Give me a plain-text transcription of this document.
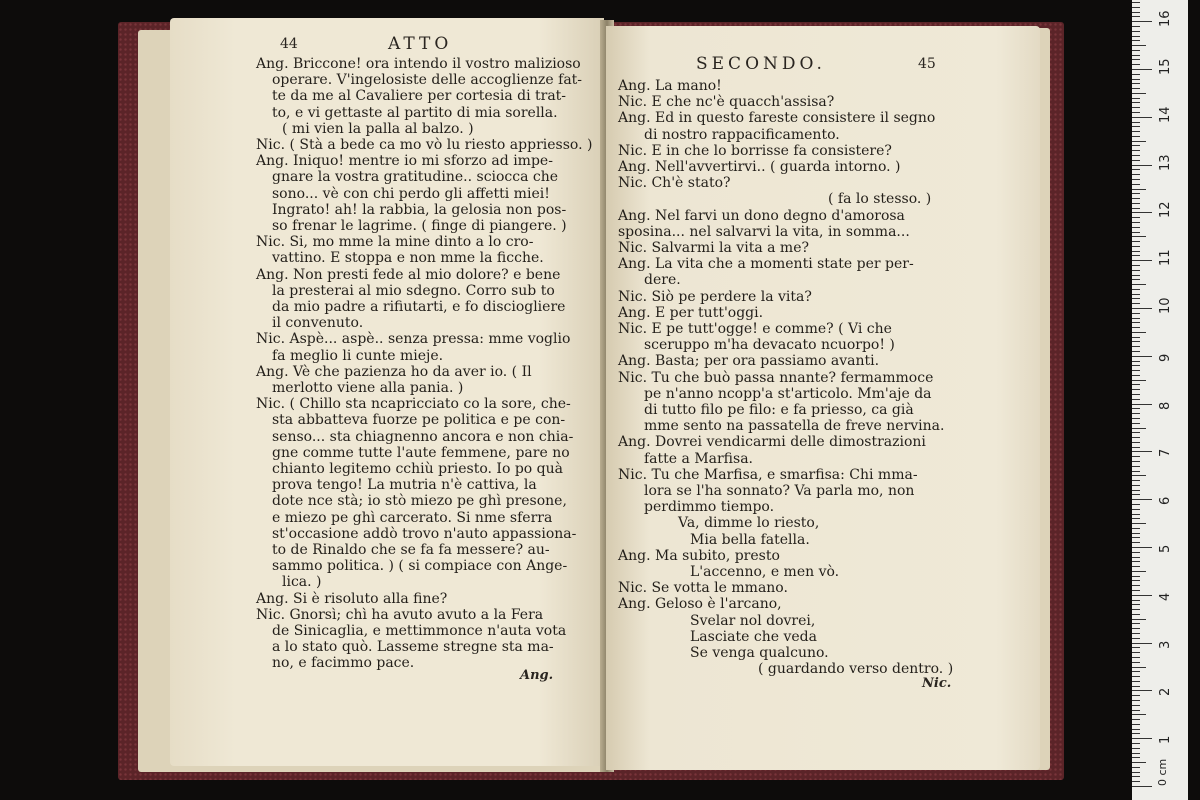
44	ATTO
Ang. Briccone! ora intendo il vostro malizioso
operare. V'ingelosiste delle accoglienze fat-
te da me al Cavaliere per cortesia di trat-
to, e vi gettaste al partito di mia sorella.
( mi vien la palla al balzo. )
Nic. ( Stà a bede ca mo vò lu riesto appriesso. )
Ang. Iniquo! mentre io mi sforzo ad impe-
gnare la vostra gratitudine.. sciocca che
sono... vè con chi perdo gli affetti miei!
Ingrato! ah! la rabbia, la gelosia non pos-
so frenar le lagrime. ( finge di piangere. )
Nic. Si, mo mme la mine dinto a lo cro-
vattino. E stoppa e non mme la ficche.
Ang. Non presti fede al mio dolore? e bene
la presterai al mio sdegno. Corro sub to
da mio padre a rifiutarti, e fo disciogliere
il convenuto.
Nic. Aspè... aspè.. senza pressa: mme voglio
fa meglio li cunte mieje.
Ang. Vè che pazienza ho da aver io. ( Il
merlotto viene alla pania. )
Nic. ( Chillo sta ncapricciato co la sore, che-
sta abbatteva fuorze pe politica e pe con-
senso... sta chiagnenno ancora e non chia-
gne comme tutte l'aute femmene, pare no
chianto legitemo cchiù priesto. Io po quà
prova tengo! La mutria n'è cattiva, la
dote nce stà; io stò miezo pe ghì presone,
e miezo pe ghì carcerato. Si nme sferra
st'occasione addò trovo n'auto appassiona-
to de Rinaldo che se fa fa messere? au-
sammo politica. ) ( si compiace con Ange-
lica. )
Ang. Si è risoluto alla fine?
Nic. Gnorsì; chì ha avuto avuto a la Fera
de Sinicaglia, e mettimmonce n'auta vota
a lo stato quò. Lasseme stregne sta ma-
no, e facimmo pace.
Ang.
SECONDO.	45
Ang. La mano!
Nic. E che nc'è quacch'assisa?
Ang. Ed in questo fareste consistere il segno
di nostro rappacificamento.
Nic. E in che lo borrisse fa consistere?
Ang. Nell'avvertirvi.. ( guarda intorno. )
Nic. Ch'è stato?
( fa lo stesso. )
Ang. Nel farvi un dono degno d'amorosa
sposina... nel salvarvi la vita, in somma...
Nic. Salvarmi la vita a me?
Ang. La vita che a momenti state per per-
dere.
Nic. Siò pe perdere la vita?
Ang. E per tutt'oggi.
Nic. E pe tutt'ogge! e comme? ( Vi che
sceruppo m'ha devacato ncuorpo! )
Ang. Basta; per ora passiamo avanti.
Nic. Tu che buò passa nnante? fermammoce
pe n'anno ncopp'a st'articolo. Mm'aje da
di tutto filo pe filo: e fa priesso, ca già
mme sento na passatella de freve nervina.
Ang. Dovrei vendicarmi delle dimostrazioni
fatte a Marfisa.
Nic. Tu che Marfisa, e smarfisa: Chi mma-
lora se l'ha sonnato? Va parla mo, non
perdimmo tiempo.
Va, dimme lo riesto,
Mia bella fatella.
Ang. Ma subito, presto
L'accenno, e men vò.
Nic. Se votta le mmano.
Ang. Geloso è l'arcano,
Svelar nol dovrei,
Lasciate che veda
Se venga qualcuno.
( guardando verso dentro. )
Nic.
0 cm
1
2
3
4
5
6
7
8
9
10
11
12
13
14
15
16
